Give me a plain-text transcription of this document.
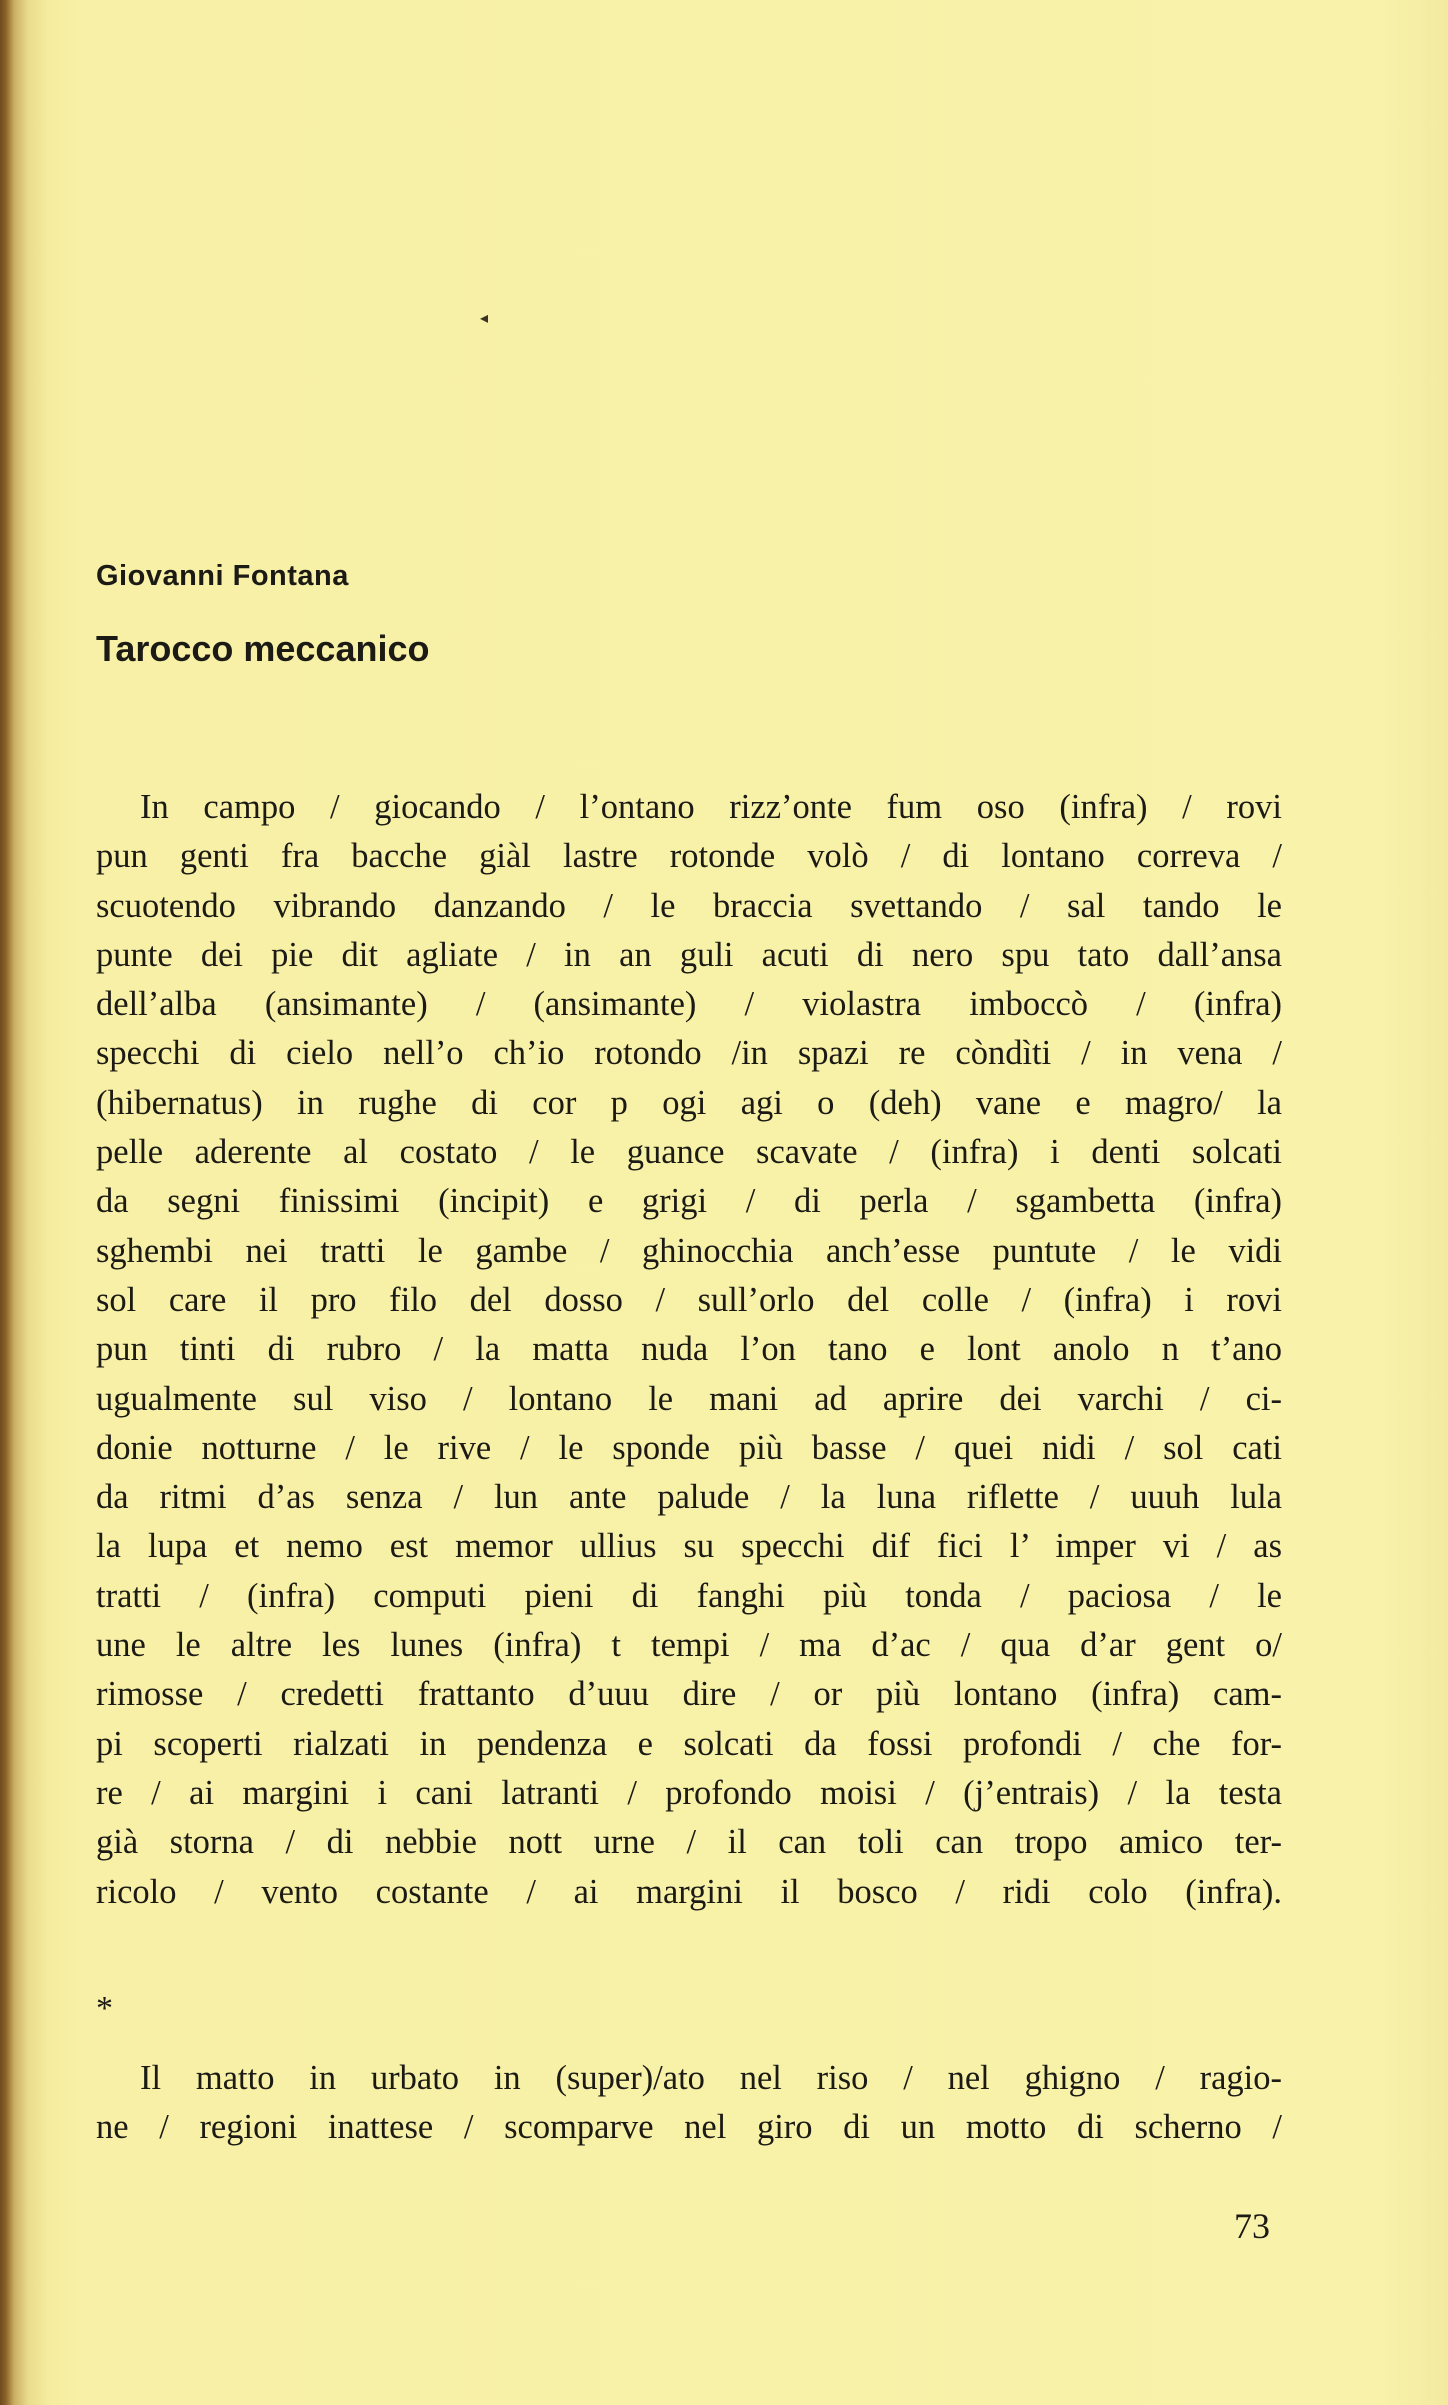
◂

Giovanni Fontana

Tarocco meccanico
In campo / giocando / l’ontano rizz’onte fum oso (infra) / rovi
pun genti fra bacche giàl lastre rotonde volò / di lontano correva /
scuotendo vibrando danzando / le braccia svettando / sal tando le
punte dei pie dit agliate / in an guli acuti di nero spu tato dall’ansa
dell’alba (ansimante) / (ansimante) / violastra imboccò / (infra)
specchi di cielo nell’o ch’io rotondo /in spazi re còndìti / in vena /
(hibernatus) in rughe di cor p ogi agi o (deh) vane e magro/ la
pelle aderente al costato / le guance scavate / (infra) i denti solcati
da segni finissimi (incipit) e grigi / di perla / sgambetta (infra)
sghembi nei tratti le gambe / ghinocchia anch’esse puntute / le vidi
sol care il pro filo del dosso / sull’orlo del colle / (infra) i rovi
pun tinti di rubro / la matta nuda l’on tano e lont anolo n t’ano
ugualmente sul viso / lontano le mani ad aprire dei varchi / ci-
donie notturne / le rive / le sponde più basse / quei nidi / sol cati
da ritmi d’as senza / lun ante palude / la luna riflette / uuuh lula
la lupa et nemo est memor ullius su specchi dif fici l’ imper vi / as
tratti / (infra) computi pieni di fanghi più tonda / paciosa / le
une le altre les lunes (infra) t tempi / ma d’ac / qua d’ar gent o/
rimosse / credetti frattanto d’uuu dire / or più lontano (infra) cam-
pi scoperti rialzati in pendenza e solcati da fossi profondi / che for-
re / ai margini i cani latranti / profondo moisi / (j’entrais) / la testa
già storna / di nebbie nott urne / il can toli can tropo amico ter-
ricolo / vento costante / ai margini il bosco / ridi colo (infra).

*

Il matto in urbato in (super)/ato nel riso / nel ghigno / ragio-
ne / regioni inattese / scomparve nel giro di un motto di scherno /

73
